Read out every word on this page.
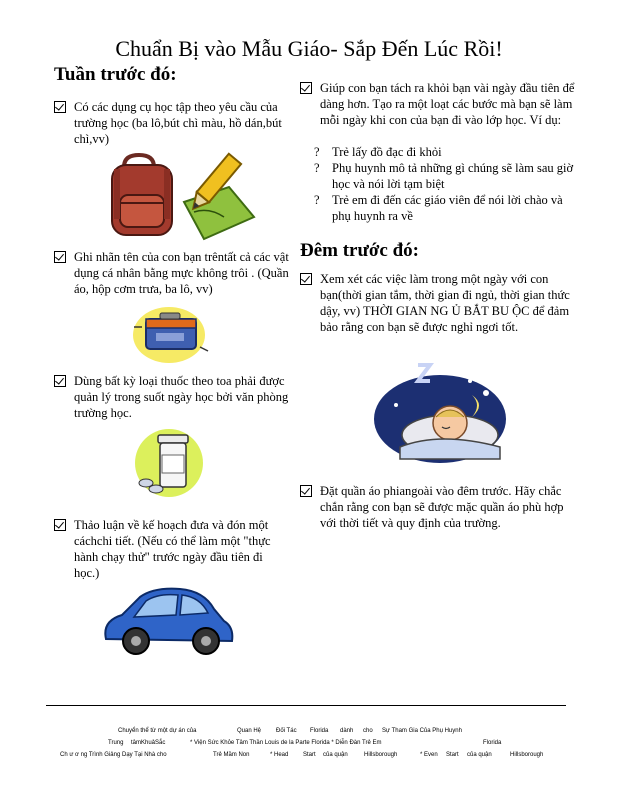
Chuẩn Bị vào Mẫu Giáo- Sắp Đến Lúc Rồi!
Tuần trước đó:
Có các dụng cụ học tập theo yêu cầu của trường học (ba lô,bút chì màu, hồ dán,bút chì,vv)
Ghi nhãn tên của con bạn trêntất cả các vật dụng cá nhân bằng mực không trôi . (Quần áo, hộp cơm trưa, ba lô, vv)
Dùng bất kỳ loại thuốc theo toa phải được quản lý trong suốt ngày học bởi văn phòng trường học.
Thảo luận về kế hoạch đưa và đón một cáchchi tiết. (Nếu có thể làm một "thực hành chạy thử" trước ngày đầu tiên đi học.)
Giúp con bạn tách ra khỏi bạn vài ngày đầu tiên để dàng hơn. Tạo ra một loạt các bước mà bạn sẽ làm mỗi ngày khi con của bạn đi vào lớp học. Ví dụ:
? Trẻ lấy đồ đạc đi khỏi
? Phụ huynh mô tả những gì chúng sẽ làm sau giờ học và nói lời tạm biệt
? Trẻ em đi đến các giáo viên để nói lời chào và phụ huynh ra về
Đêm trước đó:
Xem xét các việc làm trong một ngày với con bạn(thời gian tắm, thời gian đi ngủ, thời gian thức dậy, vv) THỜI GIAN NG Ủ BẮT BU ỘC để đảm bảo rằng con bạn sẽ được nghỉ ngơi tốt.
Đặt quần áo phiangoài vào đêm trước. Hãy chắc chắn rằng con bạn sẽ được mặc quần áo phù hợp với thời tiết và quy định của trường.
Chuyển thể từ một dự án của	Quan Hệ Đối Tác Florida dành cho Sự Tham Gia Của Phụ Huynh
Trung tâmKhuảSắc	* Viện Sức Khỏe Tâm Thần Louis de la Parte Florida * Diễn Đàn Trẻ Em	Florida
Ch ư ơ ng Trình Giảng Dạy Tại Nhà cho	Trẻ Mầm Non	* Head Start của quận	Hillsborough	* Even Start của quận	Hillsborough
